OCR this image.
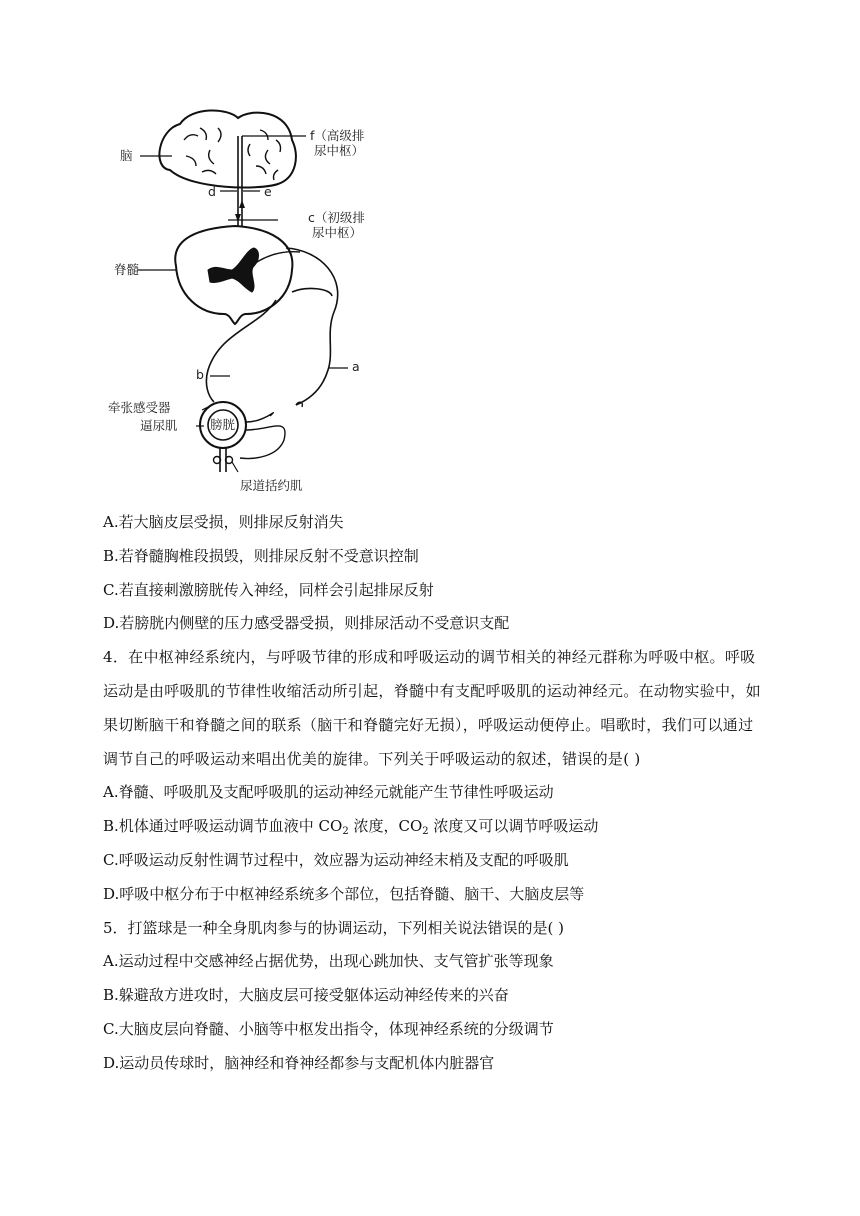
脑
f（高级排
尿中枢）
d	e
c（初级排
尿中枢）
脊髓
a
b
牵张感受器
逼尿肌	膀胱
尿道括约肌
A.若大脑皮层受损，则排尿反射消失
B.若脊髓胸椎段损毁，则排尿反射不受意识控制
C.若直接刺激膀胱传入神经，同样会引起排尿反射
D.若膀胱内侧壁的压力感受器受损，则排尿活动不受意识支配
4．在中枢神经系统内，与呼吸节律的形成和呼吸运动的调节相关的神经元群称为呼吸中枢。呼吸运动是由呼吸肌的节律性收缩活动所引起，脊髓中有支配呼吸肌的运动神经元。在动物实验中，如果切断脑干和脊髓之间的联系（脑干和脊髓完好无损），呼吸运动便停止。唱歌时，我们可以通过调节自己的呼吸运动来唱出优美的旋律。下列关于呼吸运动的叙述，错误的是( )
A.脊髓、呼吸肌及支配呼吸肌的运动神经元就能产生节律性呼吸运动
B.机体通过呼吸运动调节血液中 $CO_2$ 浓度，$CO_2$ 浓度又可以调节呼吸运动
C.呼吸运动反射性调节过程中，效应器为运动神经末梢及支配的呼吸肌
D.呼吸中枢分布于中枢神经系统多个部位，包括脊髓、脑干、大脑皮层等
5．打篮球是一种全身肌肉参与的协调运动，下列相关说法错误的是( )
A.运动过程中交感神经占据优势，出现心跳加快、支气管扩张等现象
B.躲避敌方进攻时，大脑皮层可接受躯体运动神经传来的兴奋
C.大脑皮层向脊髓、小脑等中枢发出指令，体现神经系统的分级调节
D.运动员传球时，脑神经和脊神经都参与支配机体内脏器官
